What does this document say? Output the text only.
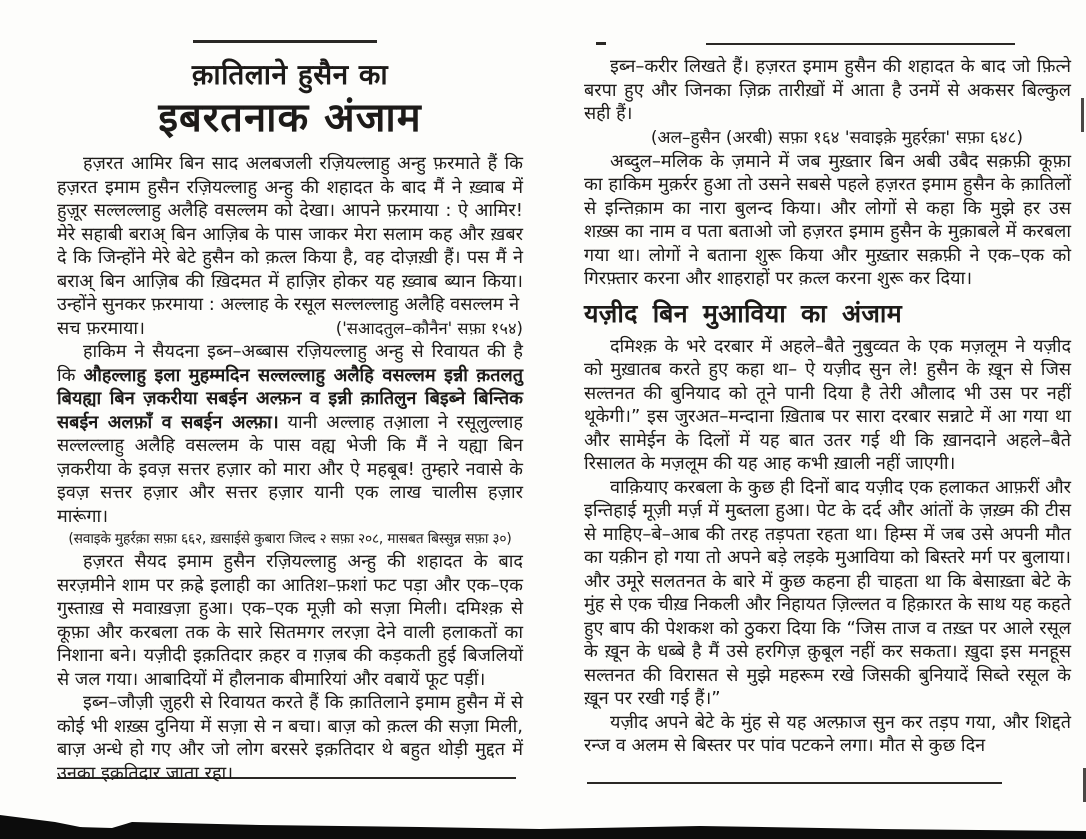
क़ातिलाने हुसैन का
इबरतनाक अंजाम

हज़रत आमिर बिन साद अलबजली रज़ियल्लाहु अन्हु फ़रमाते हैं कि हज़रत इमाम हुसैन रज़ियल्लाहु अन्हु की शहादत के बाद मैं ने ख़्वाब में हुज़ूर सल्लल्लाहु अलैहि वसल्लम को देखा। आपने फ़रमाया : ऐ आमिर! मेरे सहाबी बराअ् बिन आज़िब के पास जाकर मेरा सलाम कह और ख़बर दे कि जिन्होंने मेरे बेटे हुसैन को क़त्ल किया है, वह दोज़ख़ी हैं। पस मैं ने बराअ् बिन आज़िब की ख़िदमत में हाज़िर होकर यह ख़्वाब ब्यान किया। उन्होंने सुनकर फ़रमाया : अल्लाह के रसूल सल्लल्लाहु अलैहि वसल्लम ने

सच फ़रमाया।	('सआदतुल–कौनैन' सफ़ा १५४)

हाकिम ने सैयदना इब्न–अब्बास रज़ियल्लाहु अन्हु से रिवायत की है कि औहल्लाहु इला मुहम्मदिन सल्लल्लाहु अलैहि वसल्लम इन्नी क़तलतु बियह्या बिन ज़करीया सबईन अल्फ़न व इन्नी क़ातिलुन बिइब्ने बिन्तिक सबईन अलफ़ाँ व सबईन अल्फ़ा। यानी अल्लाह तआ़ला ने रसूलुल्लाह सल्लल्लाहु अलैहि वसल्लम के पास वह्य भेजी कि मैं ने यह्या बिन ज़करीया के इवज़ सत्तर हज़ार को मारा और ऐ महबूब! तुम्हारे नवासे के इवज़ सत्तर हज़ार और सत्तर हज़ार यानी एक लाख चालीस हज़ार मारूंगा।

(सवाइके मुहर्रक़ा सफ़ा ६६२, ख़साईसे कुबारा जिल्द २ सफ़ा २०८, मासबत बिस्सुन्न सफ़ा ३०)

हज़रत सैयद इमाम हुसैन रज़ियल्लाहु अन्हु की शहादत के बाद सरज़मीने शाम पर क़ह्रे इलाही का आतिश–फ़शां फट पड़ा और एक–एक गुस्ताख़ से मवाख़ज़ा हुआ। एक–एक मूज़ी को सज़ा मिली। दमिश्क़ से कूफ़ा और करबला तक के सारे सितमगर लरज़ा देने वाली हलाकतों का निशाना बने। यज़ीदी इक़तिदार क़हर व ग़ज़ब की कड़कती हुई बिजलियों से जल गया। आबादियों में हौलनाक बीमारियां और वबायें फूट पड़ीं।

इब्न–जौज़ी ज़ुहरी से रिवायत करते हैं कि क़ातिलाने इमाम हुसैन में से कोई भी शख़्स दुनिया में सज़ा से न बचा। बाज़ को क़त्ल की सज़ा मिली, बाज़ अन्धे हो गए और जो लोग बरसरे इक़तिदार थे बहुत थोड़ी मुद्दत में उनका इक़तिदार जाता रहा।

इब्न–करीर लिखते हैं। हज़रत इमाम हुसैन की शहादत के बाद जो फ़ित्ने बरपा हुए और जिनका ज़िक्र तारीख़ों में आता है उनमें से अकसर बिल्कुल सही हैं।

(अल–हुसैन (अरबी) सफ़ा १६४ 'सवाइक़े मुहर्रक़ा' सफ़ा ६४८)

अब्दुल–मलिक के ज़माने में जब मुख़्तार बिन अबी उबैद सक़फ़ी कूफ़ा का हाकिम मुक़र्रर हुआ तो उसने सबसे पहले हज़रत इमाम हुसैन के क़ातिलों से इन्तिक़ाम का नारा बुलन्द किया। और लोगों से कहा कि मुझे हर उस शख़्स का नाम व पता बताओ जो हज़रत इमाम हुसैन के मुक़ाबले में करबला गया था। लोगों ने बताना शुरू किया और मुख़्तार सक़फ़ी ने एक–एक को गिरफ़्तार करना और शाहराहों पर क़त्ल करना शुरू कर दिया।

यज़ीद बिन मुआविया का अंजाम

दमिश्क़ के भरे दरबार में अहले–बैते नुबुव्वत के एक मज़लूम ने यज़ीद को मुख़ातब करते हुए कहा था– ऐ यज़ीद सुन ले! हुसैन के ख़ून से जिस सल्तनत की बुनियाद को तूने पानी दिया है तेरी औलाद भी उस पर नहीं थूकेगी।” इस जुरअत–मन्दाना ख़िताब पर सारा दरबार सन्नाटे में आ गया था और सामेईन के दिलों में यह बात उतर गई थी कि ख़ानदाने अहले–बैते रिसालत के मज़लूम की यह आह कभी ख़ाली नहीं जाएगी।

वाक़ियाए करबला के कुछ ही दिनों बाद यज़ीद एक हलाकत आफ़रीं और इन्तिहाई मूज़ी मर्ज़ में मुब्तला हुआ। पेट के दर्द और आंतों के ज़ख़्म की टीस से माहिए–बे–आब की तरह तड़पता रहता था। हिम्स में जब उसे अपनी मौत का यक़ीन हो गया तो अपने बड़े लड़के मुआविया को बिस्तरे मर्ग पर बुलाया। और उमूरे सलतनत के बारे में कुछ कहना ही चाहता था कि बेसाख़्ता बेटे के मुंह से एक चीख़ निकली और निहायत ज़िल्लत व हिक़ारत के साथ यह कहते हुए बाप की पेशकश को ठुकरा दिया कि “जिस ताज व तख़्त पर आले रसूल के ख़ून के धब्बे है मैं उसे हरगिज़ क़ुबूल नहीं कर सकता। ख़ुदा इस मनहूस सल्तनत की विरासत से मुझे महरूम रखे जिसकी बुनियादें सिब्ते रसूल के ख़ून पर रखी गई हैं।”

यज़ीद अपने बेटे के मुंह से यह अल्फ़ाज सुन कर तड़प गया, और शिद्दते रन्ज व अलम से बिस्तर पर पांव पटकने लगा। मौत से कुछ दिन
